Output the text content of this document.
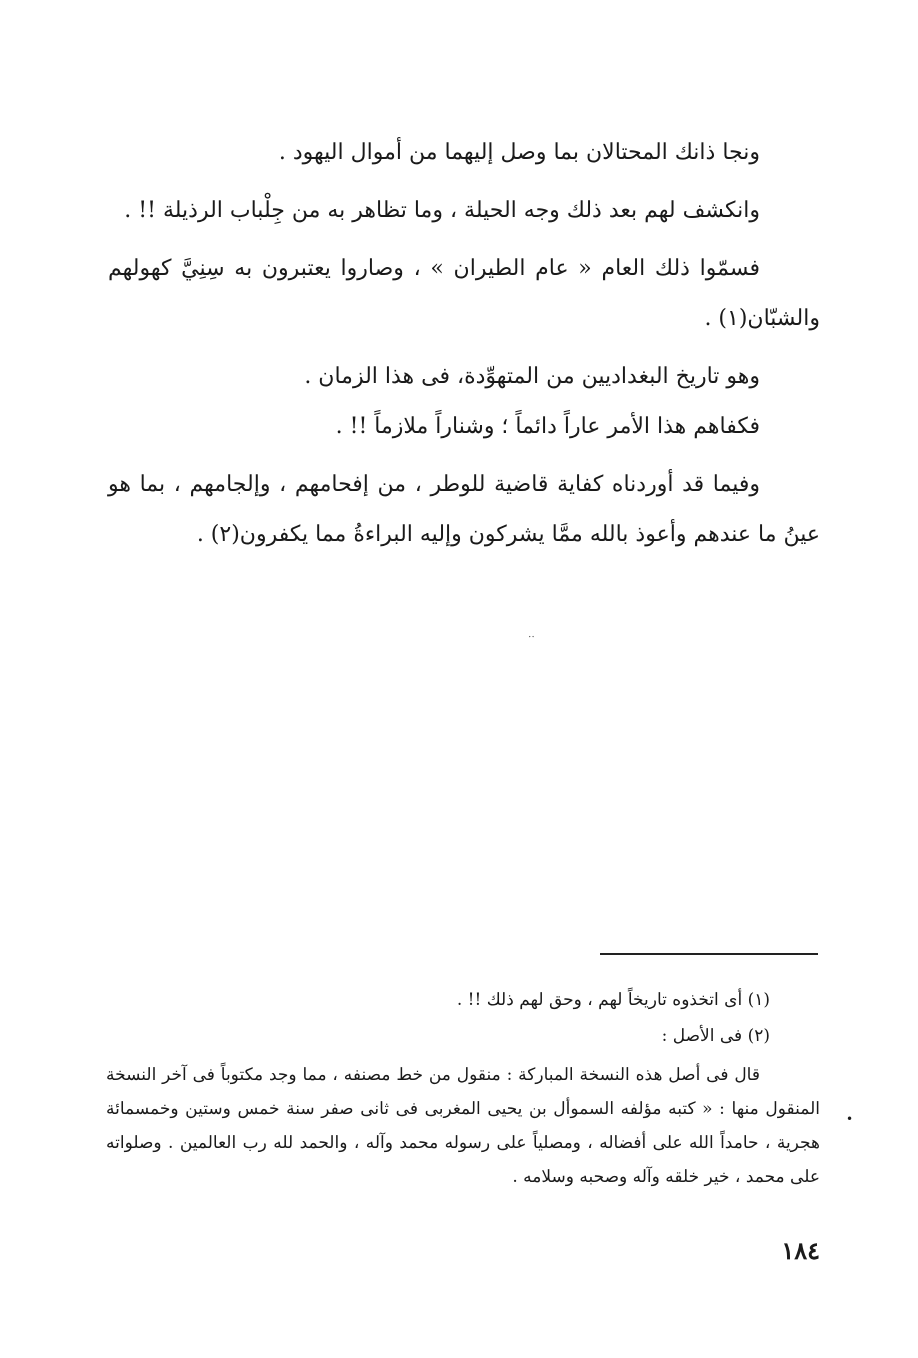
ونجا ذانك المحتالان بما وصل إليهما من أموال اليهود .

وانكشف لهم بعد ذلك وجه الحيلة ، وما تظاهر به من جِلْباب الرذيلة !! .

فسمّوا ذلك العام « عام الطيران » ، وصاروا يعتبرون به سِنِيَّ كهولهم والشبّان(١) .

وهو تاريخ البغداديين من المتهوِّدة، فى هذا الزمان .

فكفاهم هذا الأمر عاراً دائماً ؛ وشناراً ملازماً !! .

وفيما قد أوردناه كفاية قاضية للوطر ، من إفحامهم ، وإلجامهم ، بما هو عينُ ما عندهم وأعوذ بالله ممَّا يشركون وإليه البراءةُ مما يكفرون(٢) .

⋅⋅

(١) أى اتخذوه تاريخاً لهم ، وحق لهم ذلك !! .

(٢) فى الأصل :

قال فى أصل هذه النسخة المباركة : منقول من خط مصنفه ، مما وجد مكتوباً فى آخر النسخة المنقول منها : « كتبه مؤلفه السموأل بن يحيى المغربى فى ثانى صفر سنة خمس وستين وخمسمائة هجرية ، حامداً الله على أفضاله ، ومصلياً على رسوله محمد وآله ، والحمد لله رب العالمين . وصلواته على محمد ، خير خلقه وآله وصحبه وسلامه .

•
١٨٤
